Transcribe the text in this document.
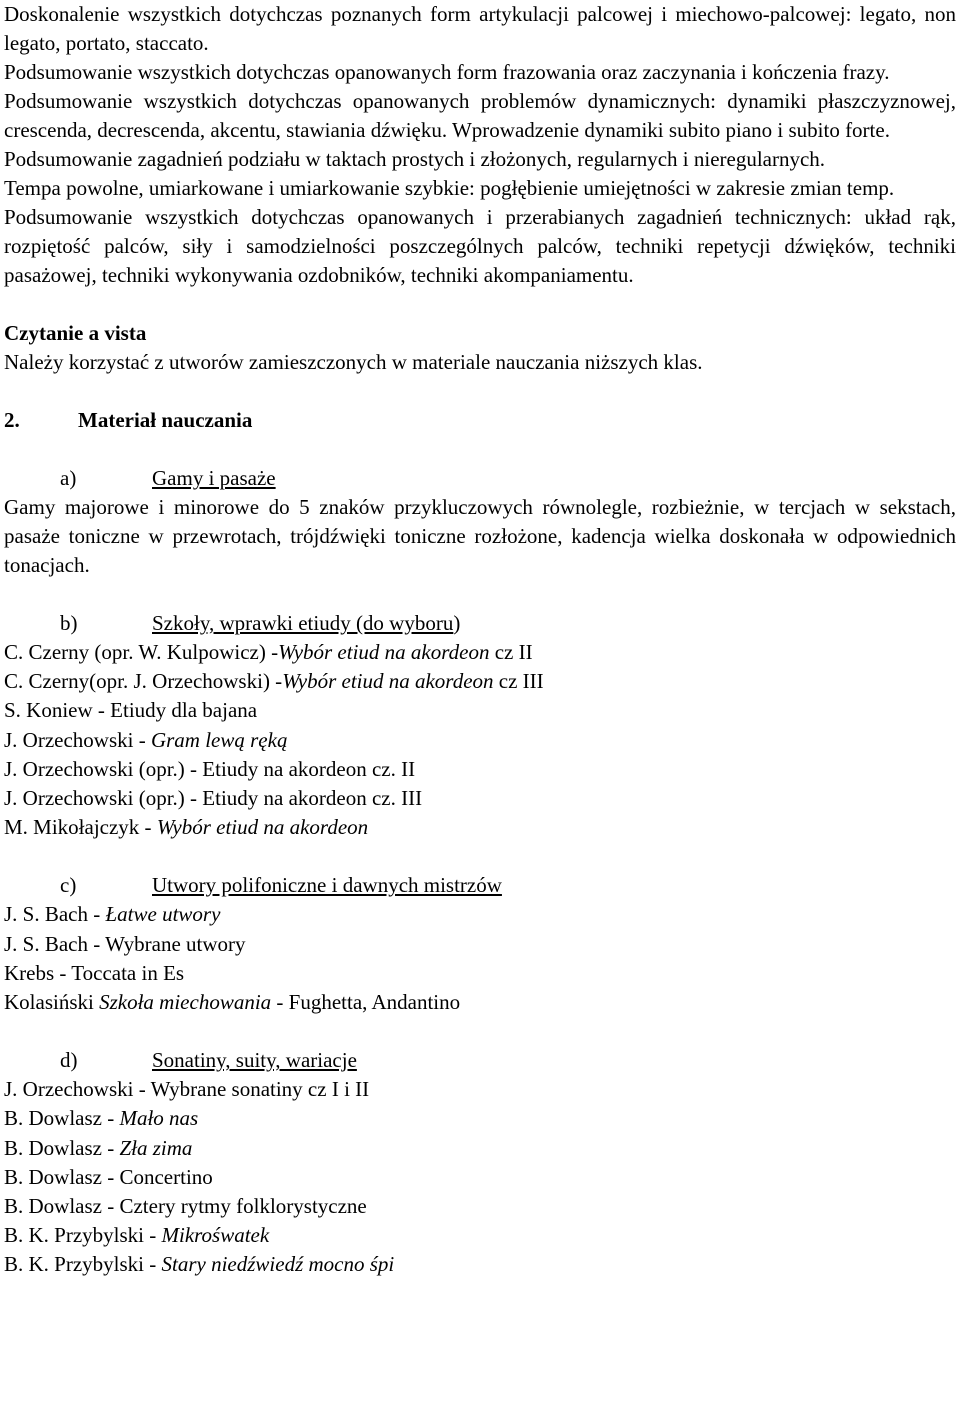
Doskonalenie wszystkich dotychczas poznanych form artykulacji palcowej i miechowo-palcowej: legato, non legato, portato, staccato.

Podsumowanie wszystkich dotychczas opanowanych form frazowania oraz zaczynania i kończenia frazy.

Podsumowanie wszystkich dotychczas opanowanych problemów dynamicznych: dynamiki płaszczyznowej, crescenda, decrescenda, akcentu, stawiania dźwięku. Wprowadzenie dynamiki subito piano i subito forte.

Podsumowanie zagadnień podziału w taktach prostych i złożonych, regularnych i nieregularnych.

Tempa powolne, umiarkowane i umiarkowanie szybkie: pogłębienie umiejętności w zakresie zmian temp.

Podsumowanie wszystkich dotychczas opanowanych i przerabianych zagadnień technicznych: układ rąk, rozpiętość palców, siły i samodzielności poszczególnych palców, techniki repetycji dźwięków, techniki pasażowej, techniki wykonywania ozdobników, techniki akompaniamentu.

Czytanie a vista

Należy korzystać z utworów zamieszczonych w materiale nauczania niższych klas.

2.	Materiał nauczania

a)	Gamy i pasaże

Gamy majorowe i minorowe do 5 znaków przykluczowych równolegle, rozbieżnie, w tercjach w sekstach, pasaże toniczne w przewrotach, trójdźwięki toniczne rozłożone, kadencja wielka doskonała w odpowiednich tonacjach.

b)	Szkoły, wprawki etiudy (do wyboru)

C. Czerny (opr. W. Kulpowicz) -Wybór etiud na akordeon cz II

C. Czerny(opr. J. Orzechowski) -Wybór etiud na akordeon cz III

S. Koniew - Etiudy dla bajana

J. Orzechowski - Gram lewą ręką

J. Orzechowski (opr.) - Etiudy na akordeon cz. II

J. Orzechowski (opr.) - Etiudy na akordeon cz. III

M. Mikołajczyk - Wybór etiud na akordeon

c)	Utwory polifoniczne i dawnych mistrzów

J. S. Bach - Łatwe utwory

J. S. Bach - Wybrane utwory

Krebs - Toccata in Es

Kolasiński Szkoła miechowania - Fughetta, Andantino

d)	Sonatiny, suity, wariacje

J. Orzechowski - Wybrane sonatiny cz I i II

B. Dowlasz - Mało nas

B. Dowlasz - Zła zima

B. Dowlasz - Concertino

B. Dowlasz - Cztery rytmy folklorystyczne

B. K. Przybylski - Mikrośwatek

B. K. Przybylski - Stary niedźwiedź mocno śpi
